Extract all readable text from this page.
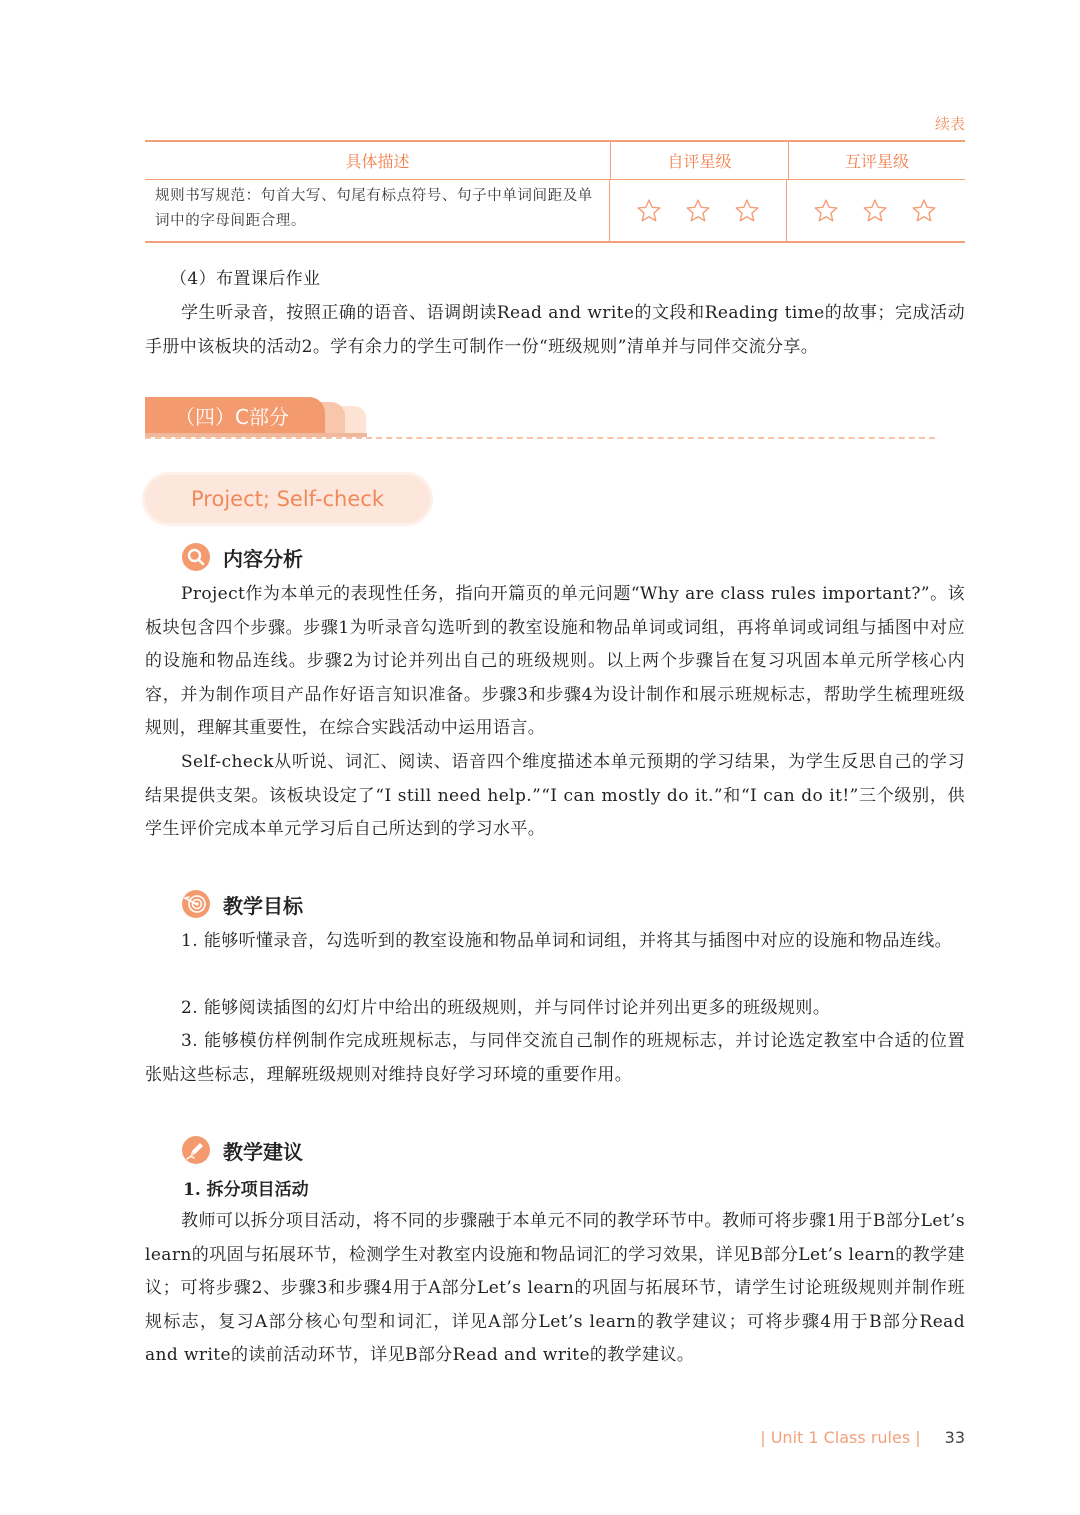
续表
具体描述	自评星级	互评星级
规则书写规范：句首大写、句尾有标点符号、句子中单词间距及单词中的字母间距合理。

（4）布置课后作业

学生听录音，按照正确的语音、语调朗读Read and write的文段和Reading time的故事；完成活动手册中该板块的活动2。学有余力的学生可制作一份“班级规则”清单并与同伴交流分享。

（四）C部分
Project; Self-check
内容分析

Project作为本单元的表现性任务，指向开篇页的单元问题“Why are class rules important?”。该板块包含四个步骤。步骤1为听录音勾选听到的教室设施和物品单词或词组，再将单词或词组与插图中对应的设施和物品连线。步骤2为讨论并列出自己的班级规则。以上两个步骤旨在复习巩固本单元所学核心内容，并为制作项目产品作好语言知识准备。步骤3和步骤4为设计制作和展示班规标志，帮助学生梳理班级规则，理解其重要性，在综合实践活动中运用语言。

Self-check从听说、词汇、阅读、语音四个维度描述本单元预期的学习结果，为学生反思自己的学习结果提供支架。该板块设定了“I still need help.”“I can mostly do it.”和“I can do it!”三个级别，供学生评价完成本单元学习后自己所达到的学习水平。

教学目标

1. 能够听懂录音，勾选听到的教室设施和物品单词和词组，并将其与插图中对应的设施和物品连线。

2. 能够阅读插图的幻灯片中给出的班级规则，并与同伴讨论并列出更多的班级规则。

3. 能够模仿样例制作完成班规标志，与同伴交流自己制作的班规标志，并讨论选定教室中合适的位置张贴这些标志，理解班级规则对维持良好学习环境的重要作用。

教学建议
1. 拆分项目活动

教师可以拆分项目活动，将不同的步骤融于本单元不同的教学环节中。教师可将步骤1用于B部分Let’s learn的巩固与拓展环节，检测学生对教室内设施和物品词汇的学习效果，详见B部分Let’s learn的教学建议；可将步骤2、步骤3和步骤4用于A部分Let’s learn的巩固与拓展环节，请学生讨论班级规则并制作班规标志，复习A部分核心句型和词汇，详见A部分Let’s learn的教学建议；可将步骤4用于B部分Read and write的读前活动环节，详见B部分Read and write的教学建议。

| Unit 1 Class rules | 33
